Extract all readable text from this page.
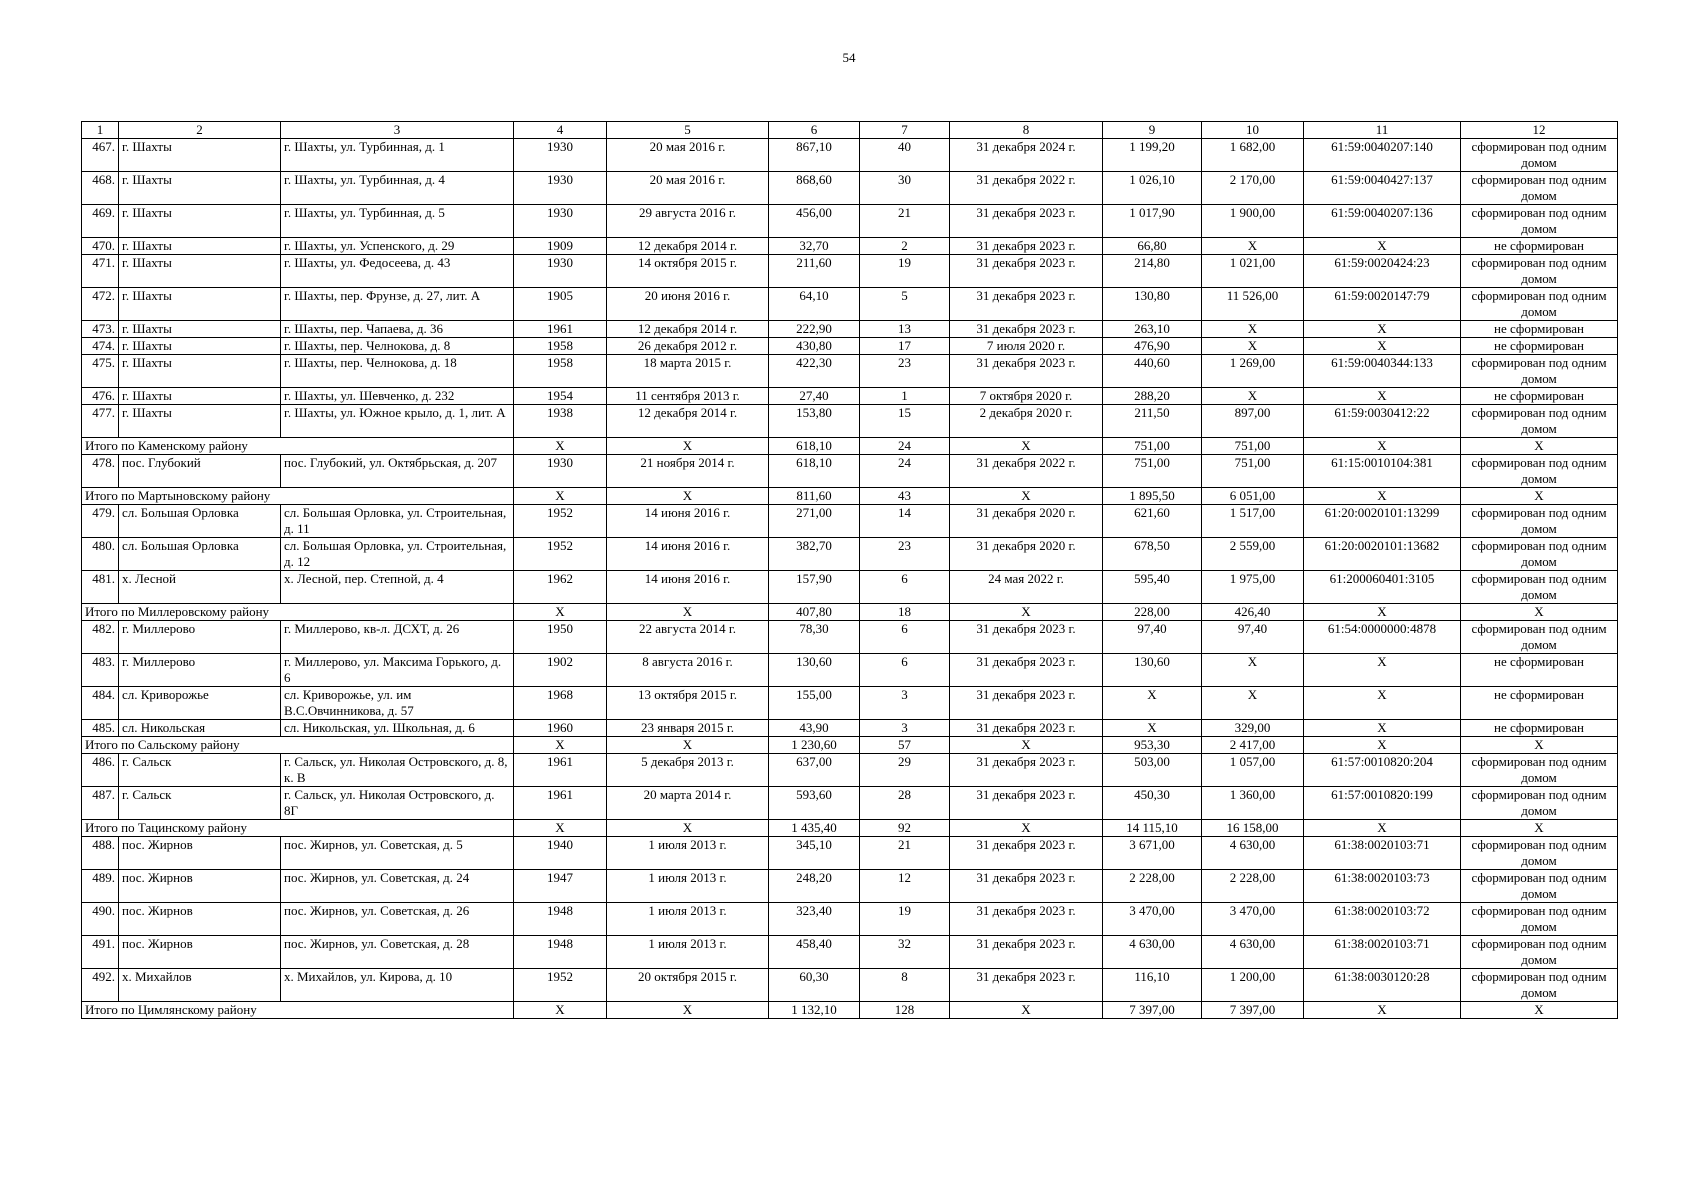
54
1	2	3	4	5	6	7	8	9	10	11	12
467.	г. Шахты	г. Шахты, ул. Турбинная, д. 1	1930	20 мая 2016 г.	867,10	40	31 декабря 2024 г.	1 199,20	1 682,00	61:59:0040207:140	сформирован под одним домом
468.	г. Шахты	г. Шахты, ул. Турбинная, д. 4	1930	20 мая 2016 г.	868,60	30	31 декабря 2022 г.	1 026,10	2 170,00	61:59:0040427:137	сформирован под одним домом
469.	г. Шахты	г. Шахты, ул. Турбинная, д. 5	1930	29 августа 2016 г.	456,00	21	31 декабря 2023 г.	1 017,90	1 900,00	61:59:0040207:136	сформирован под одним домом
470.	г. Шахты	г. Шахты, ул. Успенского, д. 29	1909	12 декабря 2014 г.	32,70	2	31 декабря 2023 г.	66,80	X	X	не сформирован
471.	г. Шахты	г. Шахты, ул. Федосеева, д. 43	1930	14 октября 2015 г.	211,60	19	31 декабря 2023 г.	214,80	1 021,00	61:59:0020424:23	сформирован под одним домом
472.	г. Шахты	г. Шахты, пер. Фрунзе, д. 27, лит. А	1905	20 июня 2016 г.	64,10	5	31 декабря 2023 г.	130,80	11 526,00	61:59:0020147:79	сформирован под одним домом
473.	г. Шахты	г. Шахты, пер. Чапаева, д. 36	1961	12 декабря 2014 г.	222,90	13	31 декабря 2023 г.	263,10	X	X	не сформирован
474.	г. Шахты	г. Шахты, пер. Челнокова, д. 8	1958	26 декабря 2012 г.	430,80	17	7 июля 2020 г.	476,90	X	X	не сформирован
475.	г. Шахты	г. Шахты, пер. Челнокова, д. 18	1958	18 марта 2015 г.	422,30	23	31 декабря 2023 г.	440,60	1 269,00	61:59:0040344:133	сформирован под одним домом
476.	г. Шахты	г. Шахты, ул. Шевченко, д. 232	1954	11 сентября 2013 г.	27,40	1	7 октября 2020 г.	288,20	X	X	не сформирован
477.	г. Шахты	г. Шахты, ул. Южное крыло, д. 1, лит. А	1938	12 декабря 2014 г.	153,80	15	2 декабря 2020 г.	211,50	897,00	61:59:0030412:22	сформирован под одним домом
Итого по Каменскому району			X	X	618,10	24	X	751,00	751,00	X	X
478.	пос. Глубокий	пос. Глубокий, ул. Октябрьская, д. 207	1930	21 ноября 2014 г.	618,10	24	31 декабря 2022 г.	751,00	751,00	61:15:0010104:381	сформирован под одним домом
Итого по Мартыновскому району			X	X	811,60	43	X	1 895,50	6 051,00	X	X
479.	сл. Большая Орловка	сл. Большая Орловка, ул. Строительная, д. 11	1952	14 июня 2016 г.	271,00	14	31 декабря 2020 г.	621,60	1 517,00	61:20:0020101:13299	сформирован под одним домом
480.	сл. Большая Орловка	сл. Большая Орловка, ул. Строительная, д. 12	1952	14 июня 2016 г.	382,70	23	31 декабря 2020 г.	678,50	2 559,00	61:20:0020101:13682	сформирован под одним домом
481.	х. Лесной	х. Лесной, пер. Степной, д. 4	1962	14 июня 2016 г.	157,90	6	24 мая 2022 г.	595,40	1 975,00	61:200060401:3105	сформирован под одним домом
Итого по Миллеровскому району			X	X	407,80	18	X	228,00	426,40	X	X
482.	г. Миллерово	г. Миллерово, кв-л. ДСХТ, д. 26	1950	22 августа 2014 г.	78,30	6	31 декабря 2023 г.	97,40	97,40	61:54:0000000:4878	сформирован под одним домом
483.	г. Миллерово	г. Миллерово, ул. Максима Горького, д. 6	1902	8 августа 2016 г.	130,60	6	31 декабря 2023 г.	130,60	X	X	не сформирован
484.	сл. Криворожье	сл. Криворожье, ул. им В.С.Овчинникова, д. 57	1968	13 октября 2015 г.	155,00	3	31 декабря 2023 г.	X	X	X	не сформирован
485.	сл. Никольская	сл. Никольская, ул. Школьная, д. 6	1960	23 января 2015 г.	43,90	3	31 декабря 2023 г.	X	329,00	X	не сформирован
Итого по Сальскому району			X	X	1 230,60	57	X	953,30	2 417,00	X	X
486.	г. Сальск	г. Сальск, ул. Николая Островского, д. 8, к. В	1961	5 декабря 2013 г.	637,00	29	31 декабря 2023 г.	503,00	1 057,00	61:57:0010820:204	сформирован под одним домом
487.	г. Сальск	г. Сальск, ул. Николая Островского, д. 8Г	1961	20 марта 2014 г.	593,60	28	31 декабря 2023 г.	450,30	1 360,00	61:57:0010820:199	сформирован под одним домом
Итого по Тацинскому району			X	X	1 435,40	92	X	14 115,10	16 158,00	X	X
488.	пос. Жирнов	пос. Жирнов, ул. Советская, д. 5	1940	1 июля 2013 г.	345,10	21	31 декабря 2023 г.	3 671,00	4 630,00	61:38:0020103:71	сформирован под одним домом
489.	пос. Жирнов	пос. Жирнов, ул. Советская, д. 24	1947	1 июля 2013 г.	248,20	12	31 декабря 2023 г.	2 228,00	2 228,00	61:38:0020103:73	сформирован под одним домом
490.	пос. Жирнов	пос. Жирнов, ул. Советская, д. 26	1948	1 июля 2013 г.	323,40	19	31 декабря 2023 г.	3 470,00	3 470,00	61:38:0020103:72	сформирован под одним домом
491.	пос. Жирнов	пос. Жирнов, ул. Советская, д. 28	1948	1 июля 2013 г.	458,40	32	31 декабря 2023 г.	4 630,00	4 630,00	61:38:0020103:71	сформирован под одним домом
492.	х. Михайлов	х. Михайлов, ул. Кирова, д. 10	1952	20 октября 2015 г.	60,30	8	31 декабря 2023 г.	116,10	1 200,00	61:38:0030120:28	сформирован под одним домом
Итого по Цимлянскому району			X	X	1 132,10	128	X	7 397,00	7 397,00	X	X
